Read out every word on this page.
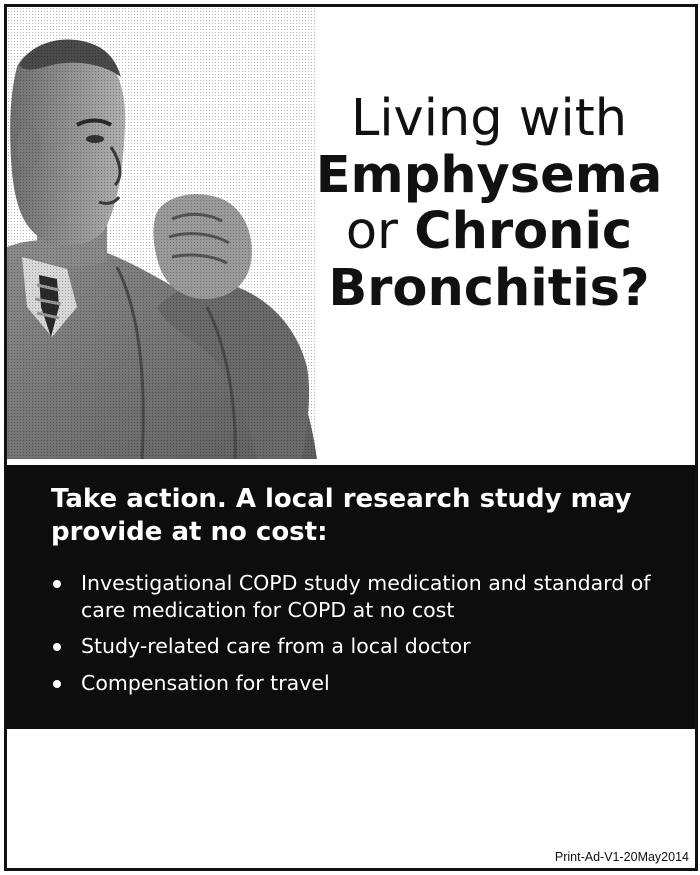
Living with
Emphysema
or Chronic
Bronchitis?
Take action. A local research study may provide at no cost:
Investigational COPD study medication and standard of care medication for COPD at no cost
Study-related care from a local doctor
Compensation for travel
Print-Ad-V1-20May2014
